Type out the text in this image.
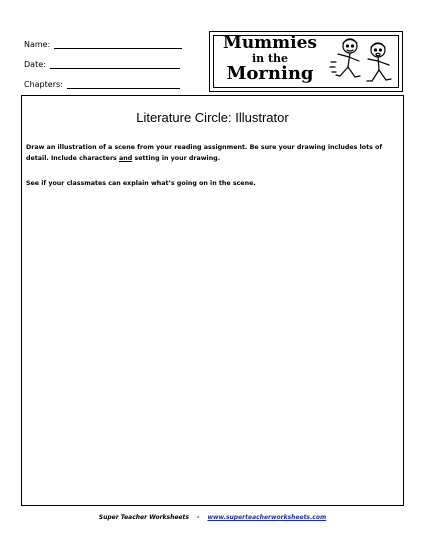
Name:
Date:
Chapters:
Mummies
in the
Morning
Literature Circle: Illustrator
Draw an illustration of a scene from your reading assignment. Be sure your drawing includes lots of detail. Include characters and setting in your drawing.
See if your classmates can explain what’s going on in the scene.
Super Teacher Worksheets - www.superteacherworksheets.com
